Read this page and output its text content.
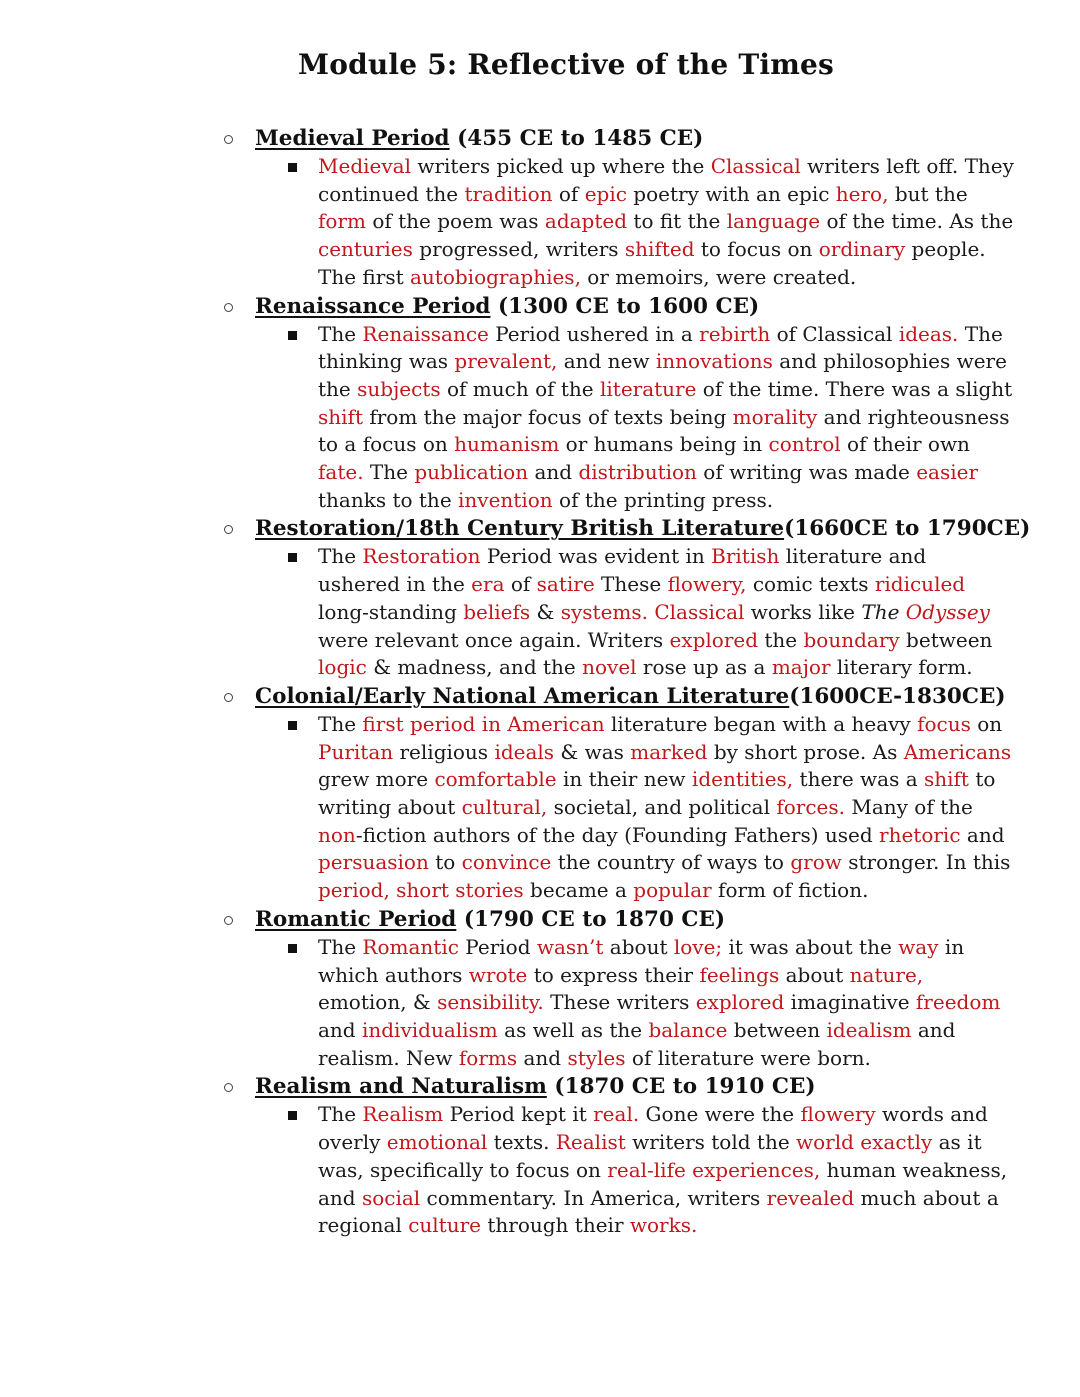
Module 5: Reflective of the Times
Medieval Period (455 CE to 1485 CE)

Medieval writers picked up where the Classical writers left off. They
continued the tradition of epic poetry with an epic hero, but the
form of the poem was adapted to fit the language of the time. As the
centuries progressed, writers shifted to focus on ordinary people.
The first autobiographies, or memoirs, were created.

Renaissance Period (1300 CE to 1600 CE)

The Renaissance Period ushered in a rebirth of Classical ideas. The
thinking was prevalent, and new innovations and philosophies were
the subjects of much of the literature of the time. There was a slight
shift from the major focus of texts being morality and righteousness
to a focus on humanism or humans being in control of their own
fate. The publication and distribution of writing was made easier
thanks to the invention of the printing press.

Restoration/18th Century British Literature(1660CE to 1790CE)

The Restoration Period was evident in British literature and
ushered in the era of satire These flowery, comic texts ridiculed
long-standing beliefs & systems. Classical works like The Odyssey
were relevant once again. Writers explored the boundary between
logic & madness, and the novel rose up as a major literary form.

Colonial/Early National American Literature(1600CE-1830CE)

The first period in American literature began with a heavy focus on
Puritan religious ideals & was marked by short prose. As Americans
grew more comfortable in their new identities, there was a shift to
writing about cultural, societal, and political forces. Many of the
non-fiction authors of the day (Founding Fathers) used rhetoric and
persuasion to convince the country of ways to grow stronger. In this
period, short stories became a popular form of fiction.

Romantic Period (1790 CE to 1870 CE)

The Romantic Period wasn’t about love; it was about the way in
which authors wrote to express their feelings about nature,
emotion, & sensibility. These writers explored imaginative freedom
and individualism as well as the balance between idealism and
realism. New forms and styles of literature were born.

Realism and Naturalism (1870 CE to 1910 CE)

The Realism Period kept it real. Gone were the flowery words and
overly emotional texts. Realist writers told the world exactly as it
was, specifically to focus on real-life experiences, human weakness,
and social commentary. In America, writers revealed much about a
regional culture through their works.
